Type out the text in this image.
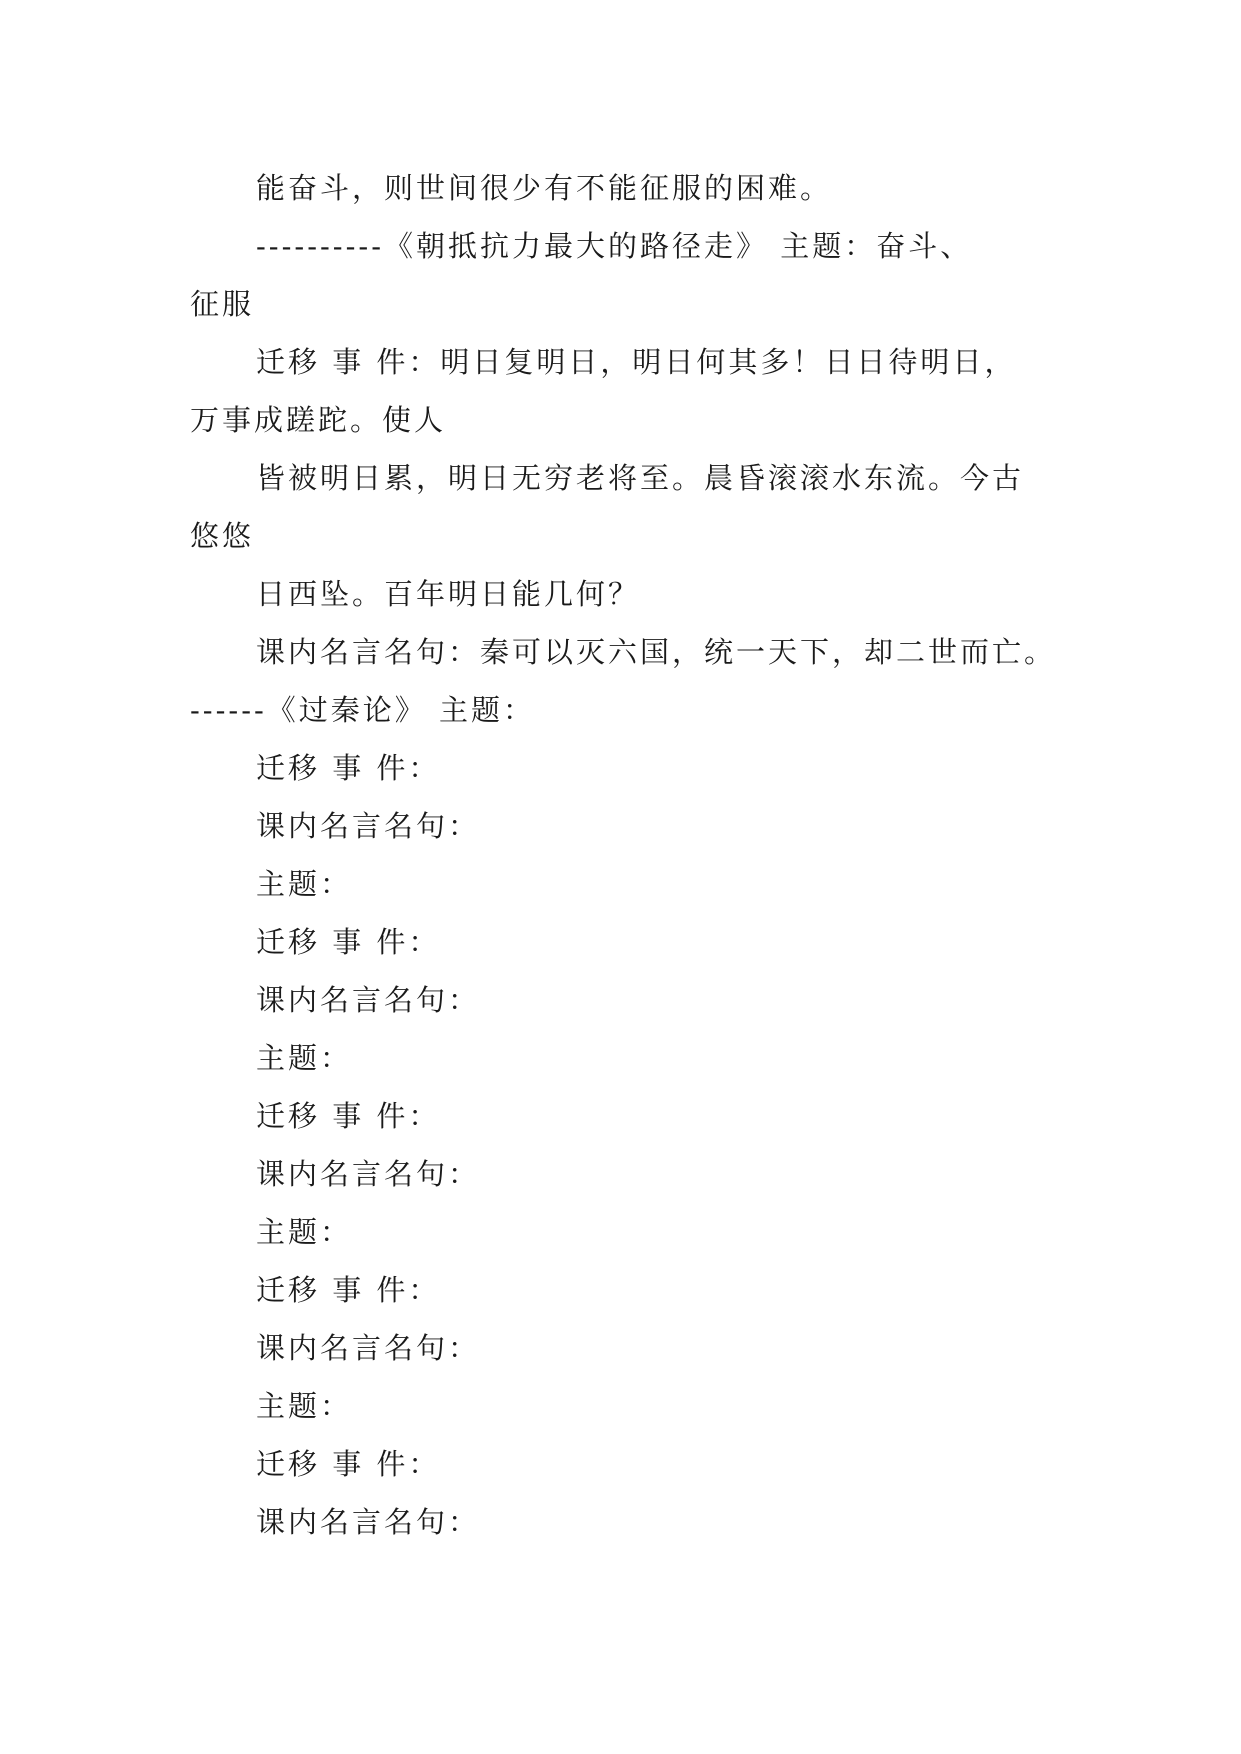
能奋斗，则世间很少有不能征服的困难。
----------《朝抵抗力最大的路径走》 主题：奋斗、
征服
迁移 事 件：明日复明日，明日何其多！日日待明日，
万事成蹉跎。使人
皆被明日累，明日无穷老将至。晨昏滚滚水东流。今古
悠悠
日西坠。百年明日能几何？
课内名言名句：秦可以灭六国，统一天下，却二世而亡。
------《过秦论》 主题：
迁移 事 件：
课内名言名句：
主题：
迁移 事 件：
课内名言名句：
主题：
迁移 事 件：
课内名言名句：
主题：
迁移 事 件：
课内名言名句：
主题：
迁移 事 件：
课内名言名句：
